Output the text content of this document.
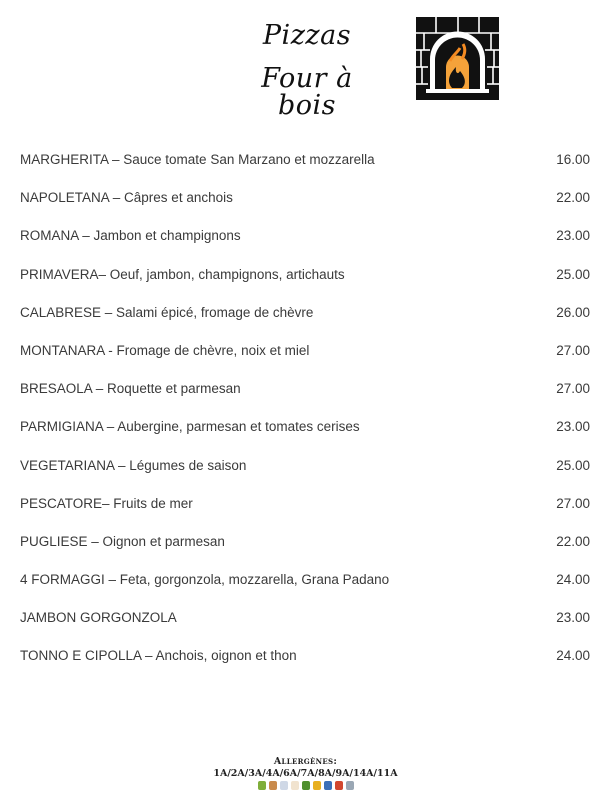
Pizzas
Four à bois
MARGHERITA – Sauce tomate San Marzano et mozzarella	16.00
NAPOLETANA – Câpres et anchois	22.00
ROMANA – Jambon et champignons	23.00
PRIMAVERA– Oeuf, jambon, champignons, artichauts	25.00
CALABRESE – Salami épicé, fromage de chèvre	26.00
MONTANARA - Fromage de chèvre, noix et miel	27.00
BRESAOLA – Roquette et parmesan	27.00
PARMIGIANA – Aubergine, parmesan et tomates cerises	23.00
VEGETARIANA – Légumes de saison	25.00
PESCATORE– Fruits de mer	27.00
PUGLIESE – Oignon et parmesan	22.00
4 FORMAGGI – Feta, gorgonzola, mozzarella, Grana Padano	24.00
JAMBON GORGONZOLA	23.00
TONNO E CIPOLLA – Anchois, oignon et thon	24.00
Allergènes:
1A/2A/3A/4A/6A/7A/8A/9A/14A/11A
